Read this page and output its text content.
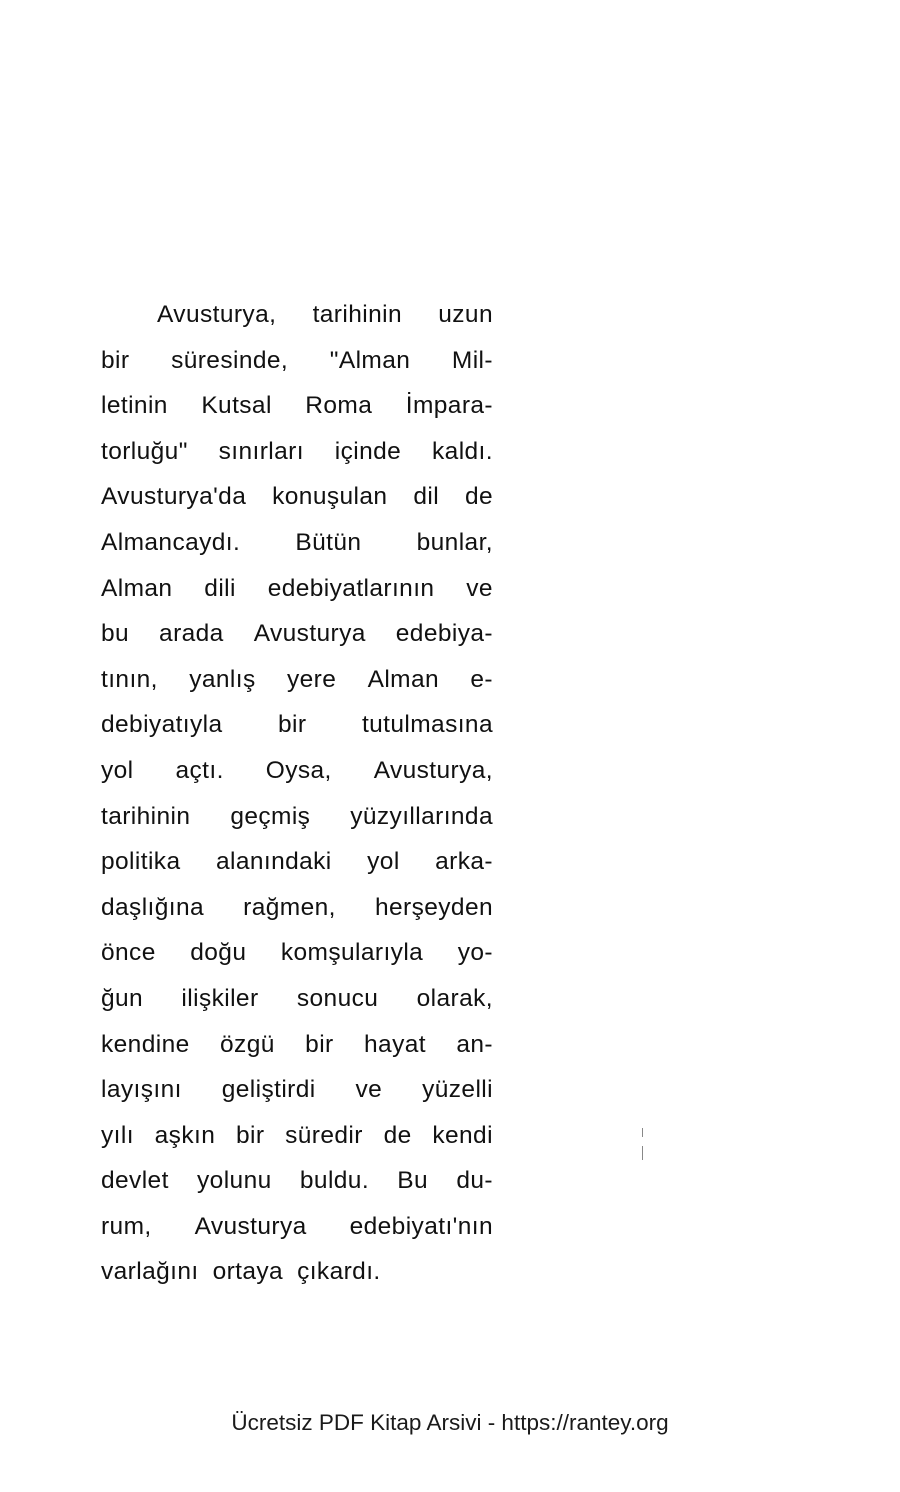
Avusturya, tarihinin uzun
bir süresinde, "Alman Mil-
letinin Kutsal Roma İmpara-
torluğu" sınırları içinde kaldı.
Avusturya'da konuşulan dil de
Almancaydı. Bütün bunlar,
Alman dili edebiyatlarının ve
bu arada Avusturya edebiya-
tının, yanlış yere Alman e-
debiyatıyla bir tutulmasına
yol açtı. Oysa, Avusturya,
tarihinin geçmiş yüzyıllarında
politika alanındaki yol arka-
daşlığına rağmen, herşeyden
önce doğu komşularıyla yo-
ğun ilişkiler sonucu olarak,
kendine özgü bir hayat an-
layışını geliştirdi ve yüzelli
yılı aşkın bir süredir de kendi
devlet yolunu buldu. Bu du-
rum, Avusturya edebiyatı'nın
varlağını ortaya çıkardı.
Ücretsiz PDF Kitap Arsivi - https://rantey.org
